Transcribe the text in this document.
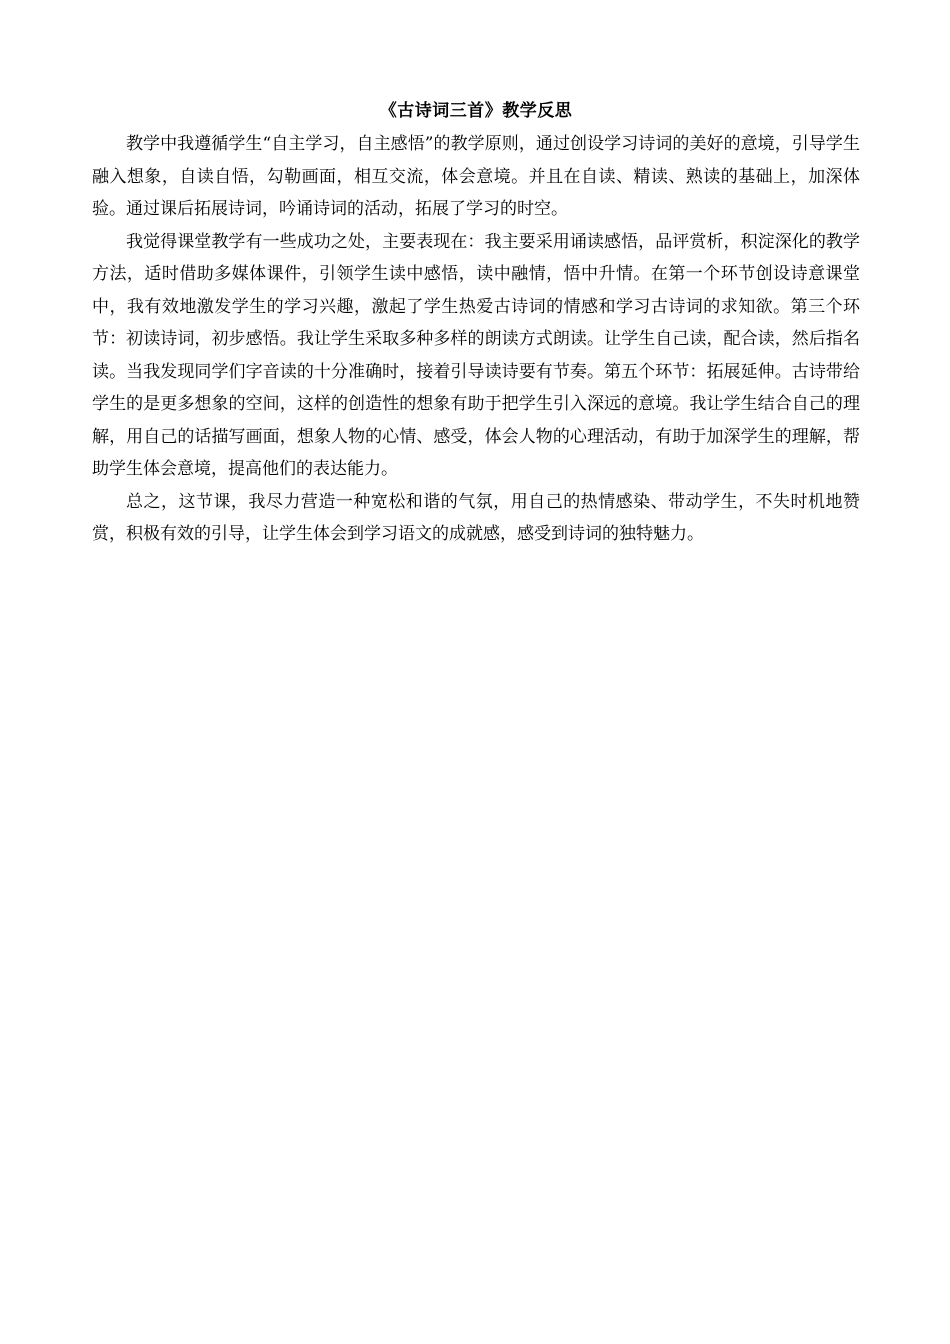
《古诗词三首》教学反思

教学中我遵循学生“自主学习，自主感悟”的教学原则，通过创设学习诗词的美好的意境，引导学生融入想象，自读自悟，勾勒画面，相互交流，体会意境。并且在自读、精读、熟读的基础上，加深体验。通过课后拓展诗词，吟诵诗词的活动，拓展了学习的时空。

我觉得课堂教学有一些成功之处，主要表现在：我主要采用诵读感悟，品评赏析，积淀深化的教学方法，适时借助多媒体课件，引领学生读中感悟，读中融情，悟中升情。在第一个环节创设诗意课堂中，我有效地激发学生的学习兴趣，激起了学生热爱古诗词的情感和学习古诗词的求知欲。第三个环节：初读诗词，初步感悟。我让学生采取多种多样的朗读方式朗读。让学生自己读，配合读，然后指名读。当我发现同学们字音读的十分准确时，接着引导读诗要有节奏。第五个环节：拓展延伸。古诗带给学生的是更多想象的空间，这样的创造性的想象有助于把学生引入深远的意境。我让学生结合自己的理解，用自己的话描写画面，想象人物的心情、感受，体会人物的心理活动，有助于加深学生的理解，帮助学生体会意境，提高他们的表达能力。

总之，这节课，我尽力营造一种宽松和谐的气氛，用自己的热情感染、带动学生，不失时机地赞赏，积极有效的引导，让学生体会到学习语文的成就感，感受到诗词的独特魅力。
